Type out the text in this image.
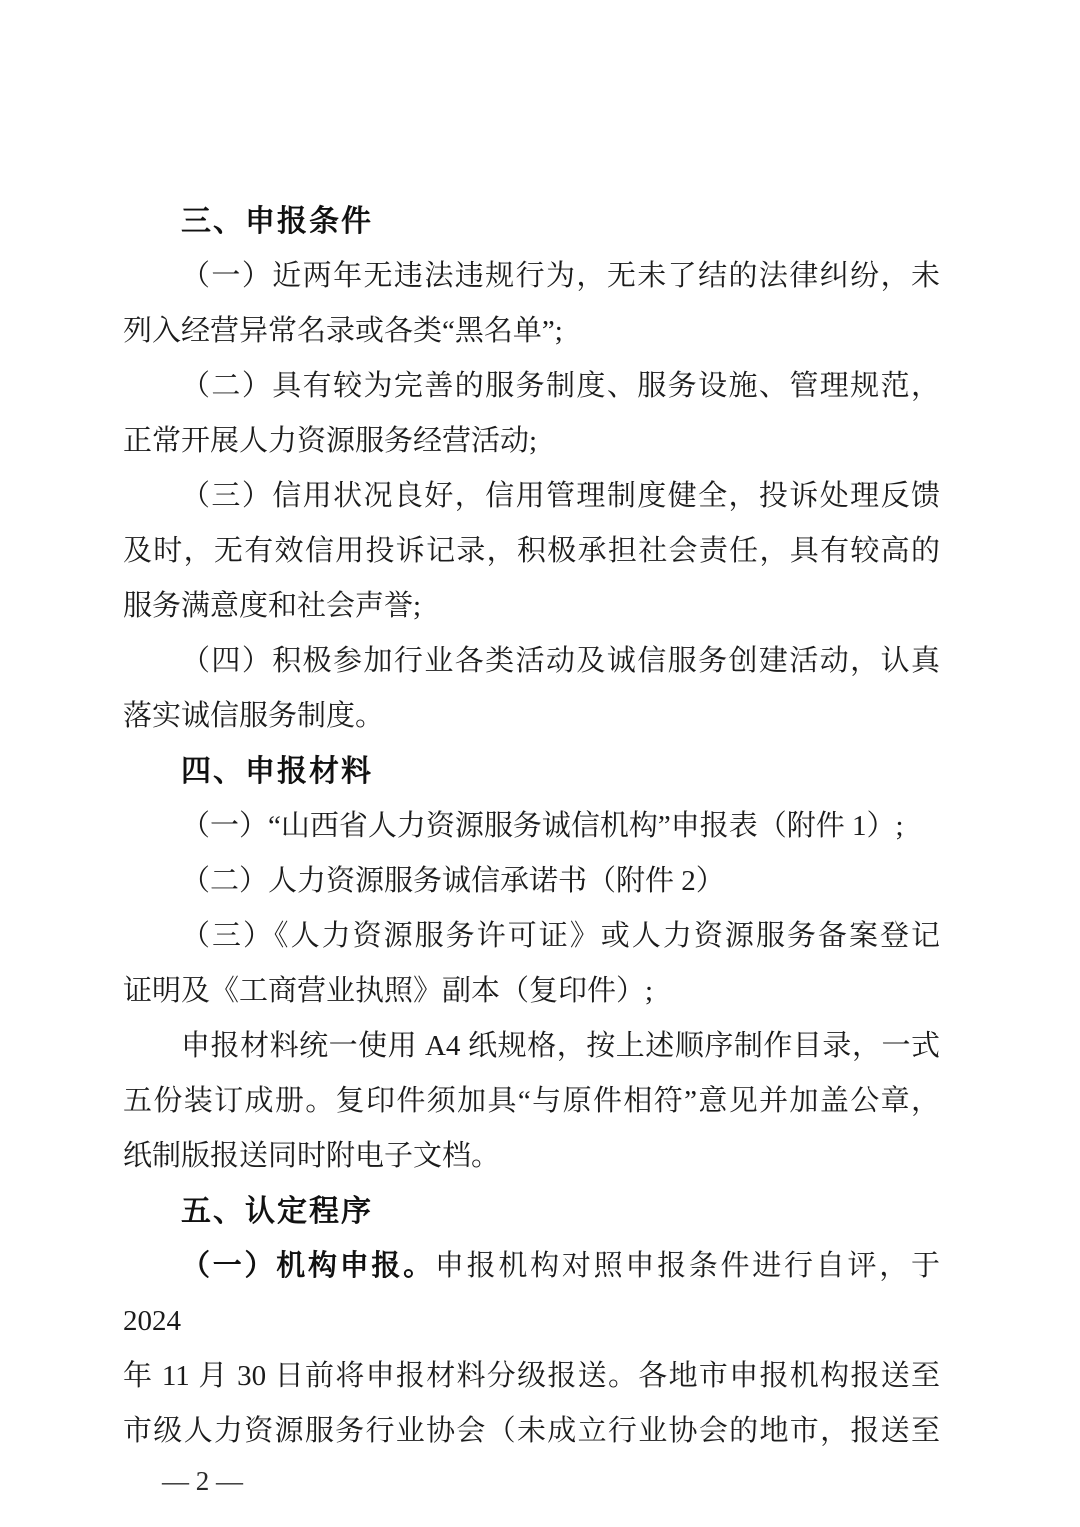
三、申报条件
（一）近两年无违法违规行为，无未了结的法律纠纷，未
列入经营异常名录或各类“黑名单”;
（二）具有较为完善的服务制度、服务设施、管理规范，
正常开展人力资源服务经营活动;
（三）信用状况良好，信用管理制度健全，投诉处理反馈
及时，无有效信用投诉记录，积极承担社会责任，具有较高的
服务满意度和社会声誉;
（四）积极参加行业各类活动及诚信服务创建活动，认真
落实诚信服务制度。
四、申报材料
（一）“山西省人力资源服务诚信机构”申报表（附件 1）;
（二）人力资源服务诚信承诺书（附件 2）
（三）《人力资源服务许可证》或人力资源服务备案登记
证明及《工商营业执照》副本（复印件）;
申报材料统一使用 A4 纸规格，按上述顺序制作目录，一式
五份装订成册。复印件须加具“与原件相符”意见并加盖公章，
纸制版报送同时附电子文档。
五、认定程序
（一）机构申报。申报机构对照申报条件进行自评，于 2024
年 11 月 30 日前将申报材料分级报送。各地市申报机构报送至
市级人力资源服务行业协会（未成立行业协会的地市，报送至
— 2 —
